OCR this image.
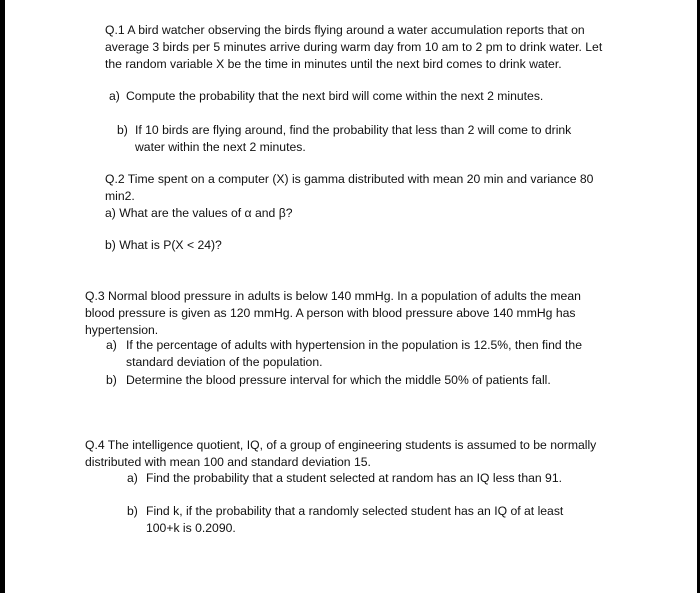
Q.1 A bird watcher observing the birds flying around a water accumulation reports that on average 3 birds per 5 minutes arrive during warm day from 10 am to 2 pm to drink water. Let the random variable X be the time in minutes until the next bird comes to drink water.

a) Compute the probability that the next bird will come within the next 2 minutes.
b) If 10 birds are flying around, find the probability that less than 2 will come to drink water within the next 2 minutes.

Q.2 Time spent on a computer (X) is gamma distributed with mean 20 min and variance 80 min2.

a) What are the values of α and β?

b) What is P(X < 24)?

Q.3 Normal blood pressure in adults is below 140 mmHg. In a population of adults the mean blood pressure is given as 120 mmHg. A person with blood pressure above 140 mmHg has hypertension.

a) If the percentage of adults with hypertension in the population is 12.5%, then find the standard deviation of the population.
b) Determine the blood pressure interval for which the middle 50% of patients fall.

Q.4 The intelligence quotient, IQ, of a group of engineering students is assumed to be normally distributed with mean 100 and standard deviation 15.

a) Find the probability that a student selected at random has an IQ less than 91.
b) Find k, if the probability that a randomly selected student has an IQ of at least 100+k is 0.2090.
